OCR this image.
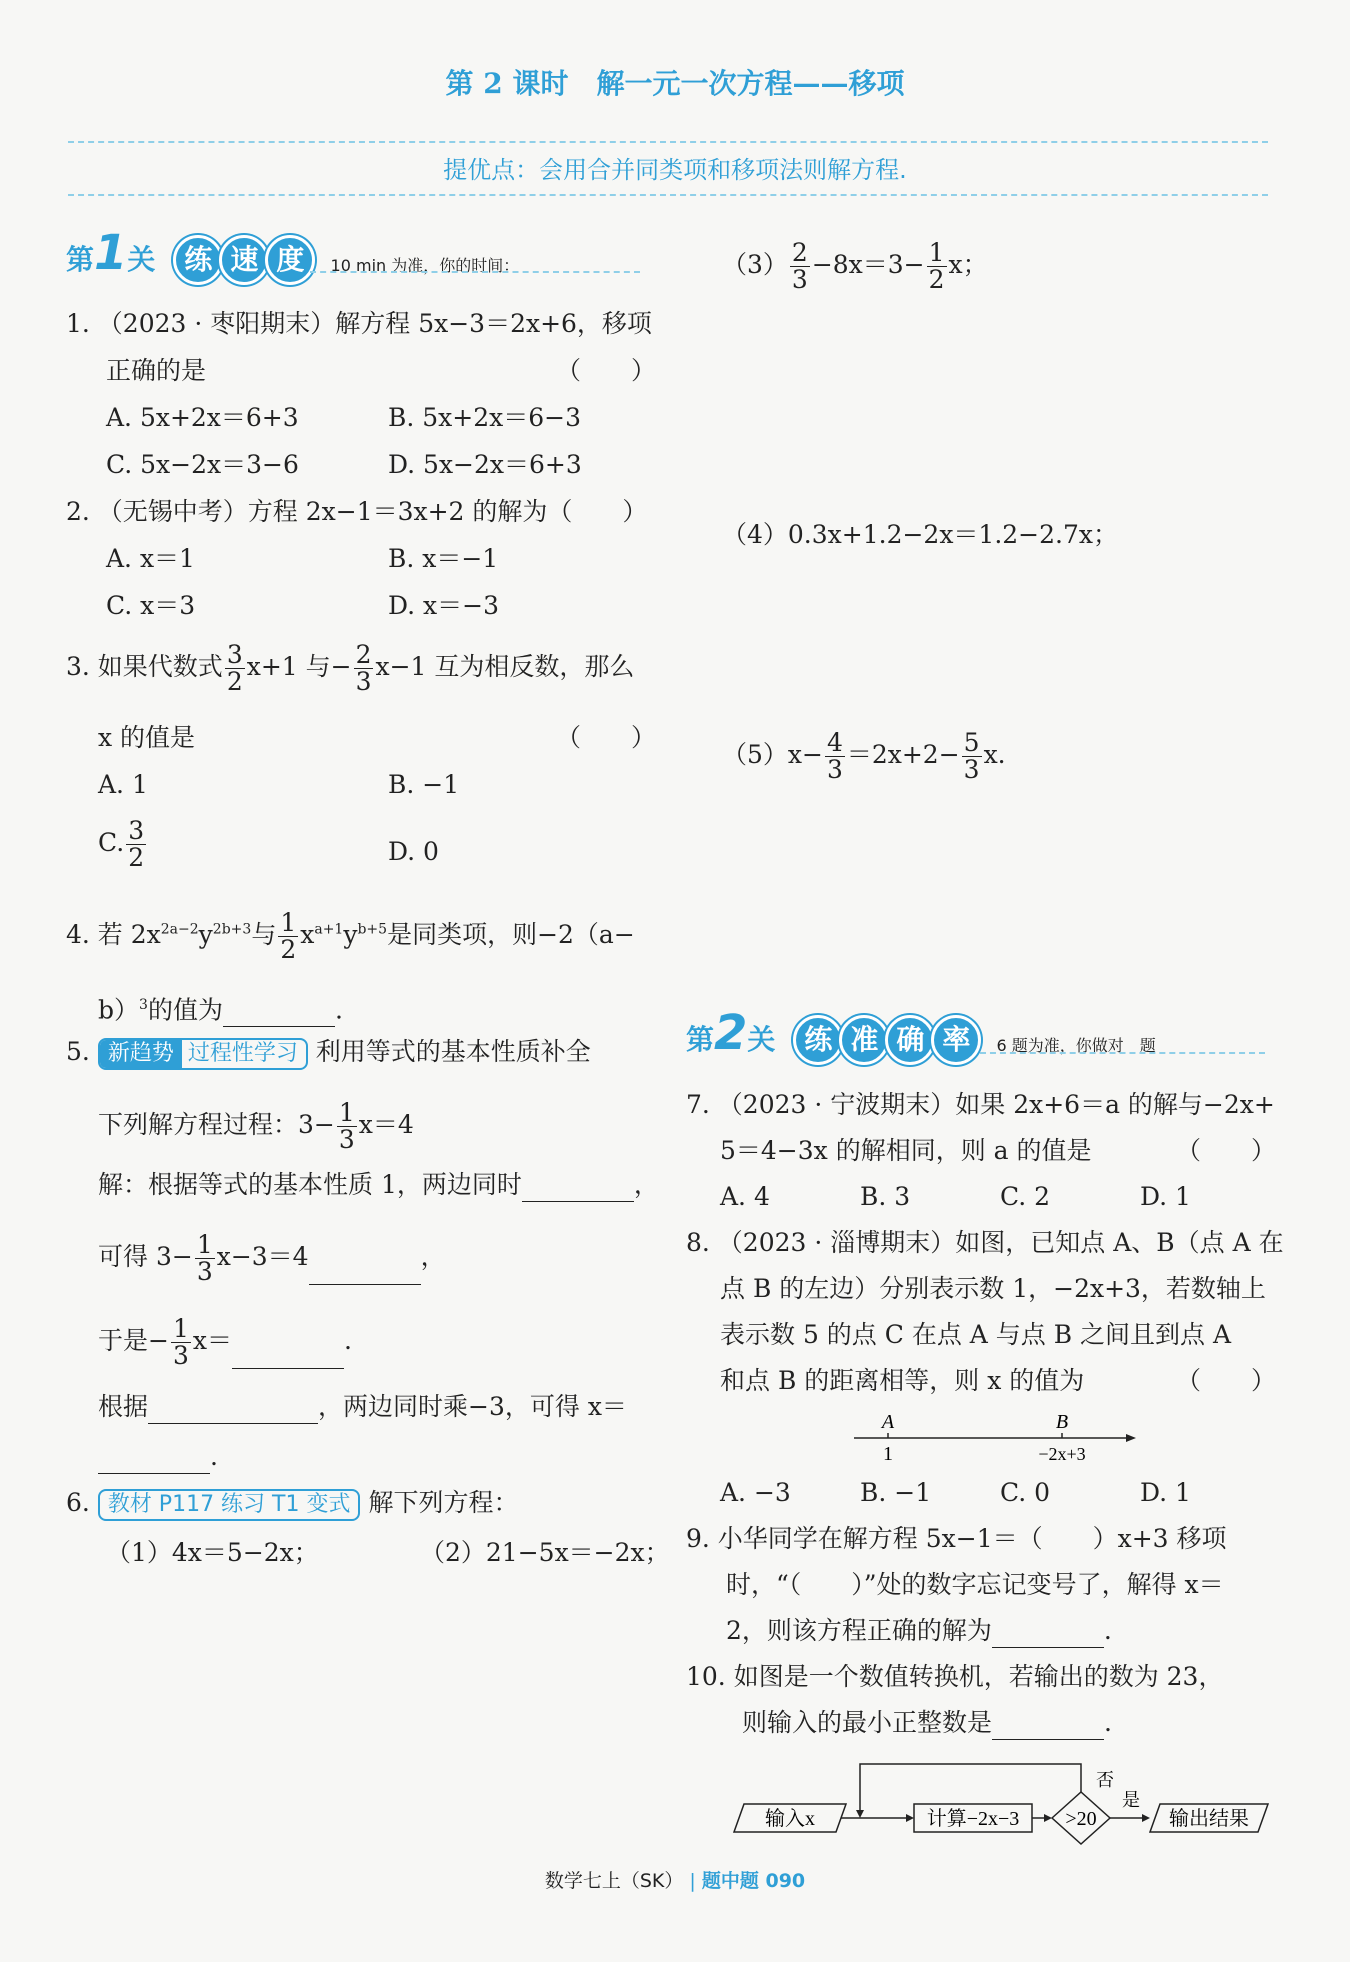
第 2 课时　解一元一次方程——移项
提优点：会用合并同类项和移项法则解方程.
第1关 练 速 度 10 min 为准，你的时间：
1. （2023 · 枣阳期末）解方程 5x−3＝2x+6，移项
正确的是	（　　）
A. 5x+2x＝6+3	B. 5x+2x＝6−3
C. 5x−2x＝3−6	D. 5x−2x＝6+3
2. （无锡中考）方程 2x−1＝3x+2 的解为（　　）
A. x＝1	B. x＝−1
C. x＝3	D. x＝−3
3. 如果代数式 $\frac{3}{2} x+1$ 与− $\frac{2}{3} x-1$ 互为相反数，那么
x 的值是	（　　）
A. 1	B. −1
C. $\frac{3}{2}$	D. 0
4. 若 $2x^{2a-2}y^{2b+3}$与 $\frac{1}{2} x^{a+1}y^{b+5}$是同类项，则−2（a−
b）$^3$的值为	.
5. 新趋势 过程性学习 利用等式的基本性质补全
下列解方程过程：$3- \frac{1}{3} x=4$
解：根据等式的基本性质 1，两边同时	，
可得 $3- \frac{1}{3} x-3=4$	，
于是− $\frac{1}{3} x=$	.
根据	，两边同时乘−3，可得 x＝
.
6. 教材 P117 练习 T1 变式 解下列方程：
（1）4x＝5−2x；	（2）21−5x＝−2x；
$(3) \frac{2}{3} -8x=3- \frac{1}{2}$ x；
（4）0.3x+1.2−2x＝1.2−2.7x；
$(5)x- \frac{4}{3} =2x+2- \frac{5}{3} x$.
第2关 练 准 确 率 6 题为准，你做对　题
7. （2023 · 宁波期末）如果 2x+6＝a 的解与−2x+
5＝4−3x 的解相同，则 a 的值是	（　　）
A. 4	B. 3	C. 2	D. 1
8. （2023 · 淄博期末）如图，已知点 A、B（点 A 在
点 B 的左边）分别表示数 1，−2x+3，若数轴上
表示数 5 的点 C 在点 A 与点 B 之间且到点 A
和点 B 的距离相等，则 x 的值为	（　　）
A	B
1	−2x+3
A. −3	B. −1	C. 0	D. 1
9. 小华同学在解方程 5x−1＝（　　）x+3 移项
时，“（　　）”处的数字忘记变号了，解得 x＝
2，则该方程正确的解为	.
10. 如图是一个数值转换机，若输出的数为 23，
则输入的最小正整数是	.
输入x	计算−2x−3 >20
否
是
输出结果
数学七上（SK） | 题中题 090
